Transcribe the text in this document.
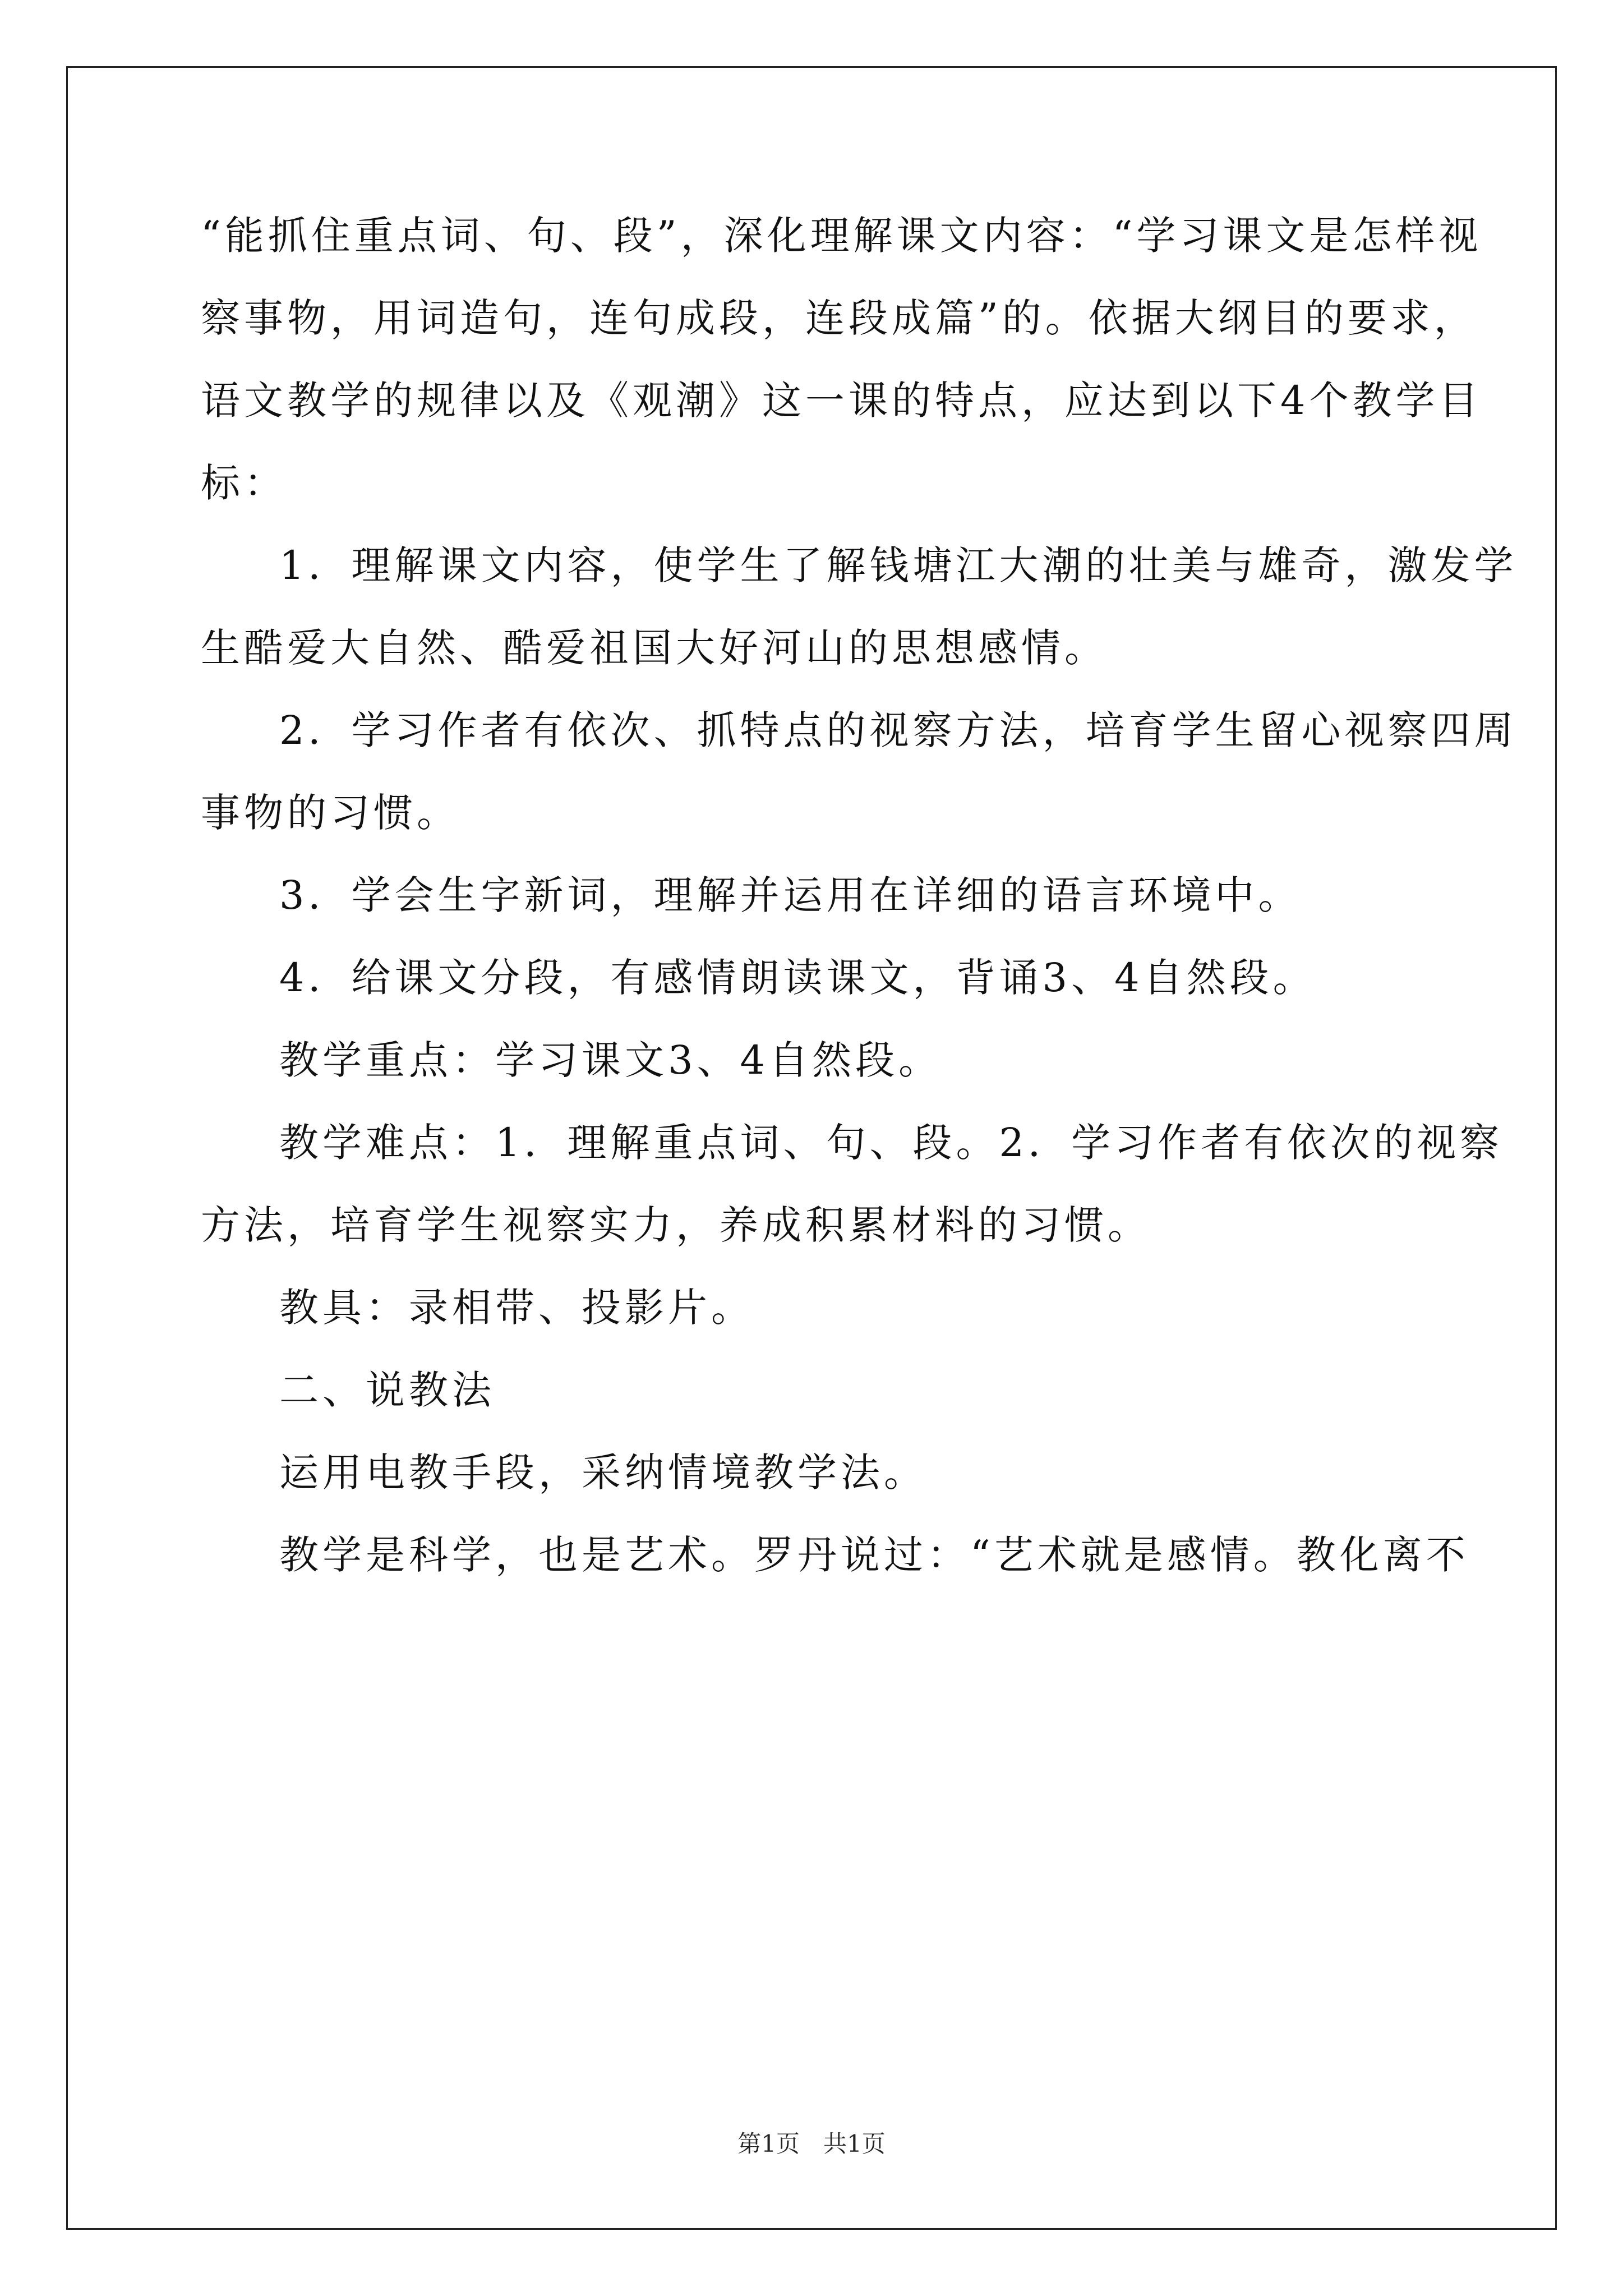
“能抓住重点词、句、段”，深化理解课文内容：“学习课文是怎样视
察事物，用词造句，连句成段，连段成篇”的。依据大纲目的要求，
语文教学的规律以及《观潮》这一课的特点，应达到以下4个教学目
标：
1．理解课文内容，使学生了解钱塘江大潮的壮美与雄奇，激发学
生酷爱大自然、酷爱祖国大好河山的思想感情。
2．学习作者有依次、抓特点的视察方法，培育学生留心视察四周
事物的习惯。
3．学会生字新词，理解并运用在详细的语言环境中。
4．给课文分段，有感情朗读课文，背诵3、4自然段。
教学重点：学习课文3、4自然段。
教学难点：1．理解重点词、句、段。2．学习作者有依次的视察
方法，培育学生视察实力，养成积累材料的习惯。
教具：录相带、投影片。
二、说教法
运用电教手段，采纳情境教学法。
教学是科学，也是艺术。罗丹说过：“艺术就是感情。教化离不
第1页　共1页
